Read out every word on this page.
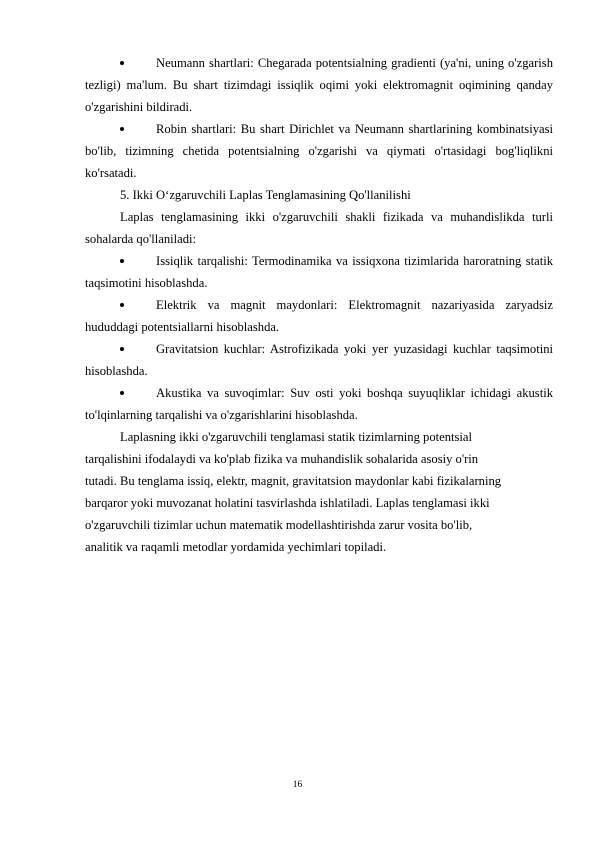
Neumann shartlari: Chegarada potentsialning gradienti (ya'ni, uning o'zgarish tezligi) ma'lum. Bu shart tizimdagi issiqlik oqimi yoki elektromagnit oqimining qanday o'zgarishini bildiradi.

Robin shartlari: Bu shart Dirichlet va Neumann shartlarining kombinatsiyasi bo'lib, tizimning chetida potentsialning o'zgarishi va qiymati o'rtasidagi bog'liqlikni ko'rsatadi.

5. Ikki O‘zgaruvchili Laplas Tenglamasining Qo'llanilishi

Laplas tenglamasining ikki o'zgaruvchili shakli fizikada va muhandislikda turli sohalarda qo'llaniladi:

Issiqlik tarqalishi: Termodinamika va issiqxona tizimlarida haroratning statik taqsimotini hisoblashda.

Elektrik va magnit maydonlari: Elektromagnit nazariyasida zaryadsiz hududdagi potentsiallarni hisoblashda.

Gravitatsion kuchlar: Astrofizikada yoki yer yuzasidagi kuchlar taqsimotini hisoblashda.

Akustika va suvoqimlar: Suv osti yoki boshqa suyuqliklar ichidagi akustik to'lqinlarning tarqalishi va o'zgarishlarini hisoblashda.

Laplasning ikki o'zgaruvchili tenglamasi statik tizimlarning potentsial
tarqalishini ifodalaydi va ko'plab fizika va muhandislik sohalarida asosiy o'rin
tutadi. Bu tenglama issiq, elektr, magnit, gravitatsion maydonlar kabi fizikalarning
barqaror yoki muvozanat holatini tasvirlashda ishlatiladi. Laplas tenglamasi ikki
o'zgaruvchili tizimlar uchun matematik modellashtirishda zarur vosita bo'lib,
analitik va raqamli metodlar yordamida yechimlari topiladi.
16
